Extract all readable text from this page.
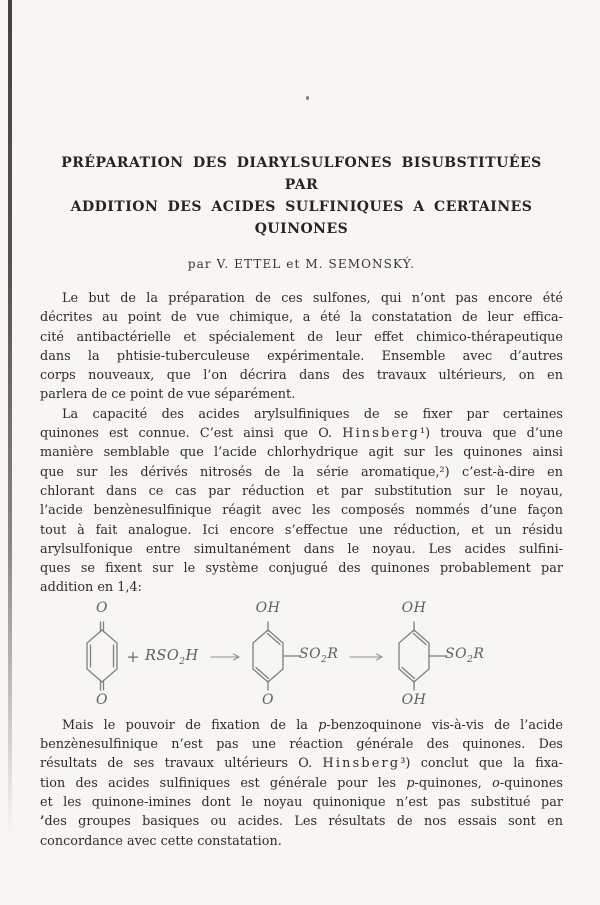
PRÉPARATION DES DIARYLSULFONES BISUBSTITUÉES PAR
ADDITION DES ACIDES SULFINIQUES A CERTAINES QUINONES
par V. ETTEL et M. SEMONSKÝ.
Le but de la préparation de ces sulfones, qui n’ont pas encore été
décrites au point de vue chimique, a été la constatation de leur effica-
cité antibactérielle et spécialement de leur effet chimico-thérapeutique
dans la phtisie-tuberculeuse expérimentale. Ensemble avec d’autres
corps nouveaux, que l’on décrira dans des travaux ultérieurs, on en
parlera de ce point de vue séparément.
La capacité des acides arylsulfiniques de se fixer par certaines
quinones est connue. C’est ainsi que O. Hinsberg¹) trouva que d’une
manière semblable que l’acide chlorhydrique agit sur les quinones ainsi
que sur les dérivés nitrosés de la série aromatique,²) c’est-à-dire en
chlorant dans ce cas par réduction et par substitution sur le noyau,
l’acide benzènesulfinique réagit avec les composés nommés d’une façon
tout à fait analogue. Ici encore s’effectue une réduction, et un résidu
arylsulfonique entre simultanément dans le noyau. Les acides sulfini-
ques se fixent sur le système conjugué des quinones probablement par
addition en 1,4:
O
O
+ $RSO_2H$ →
OH
$SO_2R$
O
OH
$SO_2R$
OH
Mais le pouvoir de fixation de la p-benzoquinone vis-à-vis de l’acide
benzènesulfinique n’est pas une réaction générale des quinones. Des
résultats de ses travaux ultérieurs O. Hinsberg³) conclut que la fixa-
tion des acides sulfiniques est générale pour les p-quinones, o-quinones
et les quinone-imines dont le noyau quinonique n’est pas substitué par
’des groupes basiques ou acides. Les résultats de nos essais sont en
concordance avec cette constatation.
